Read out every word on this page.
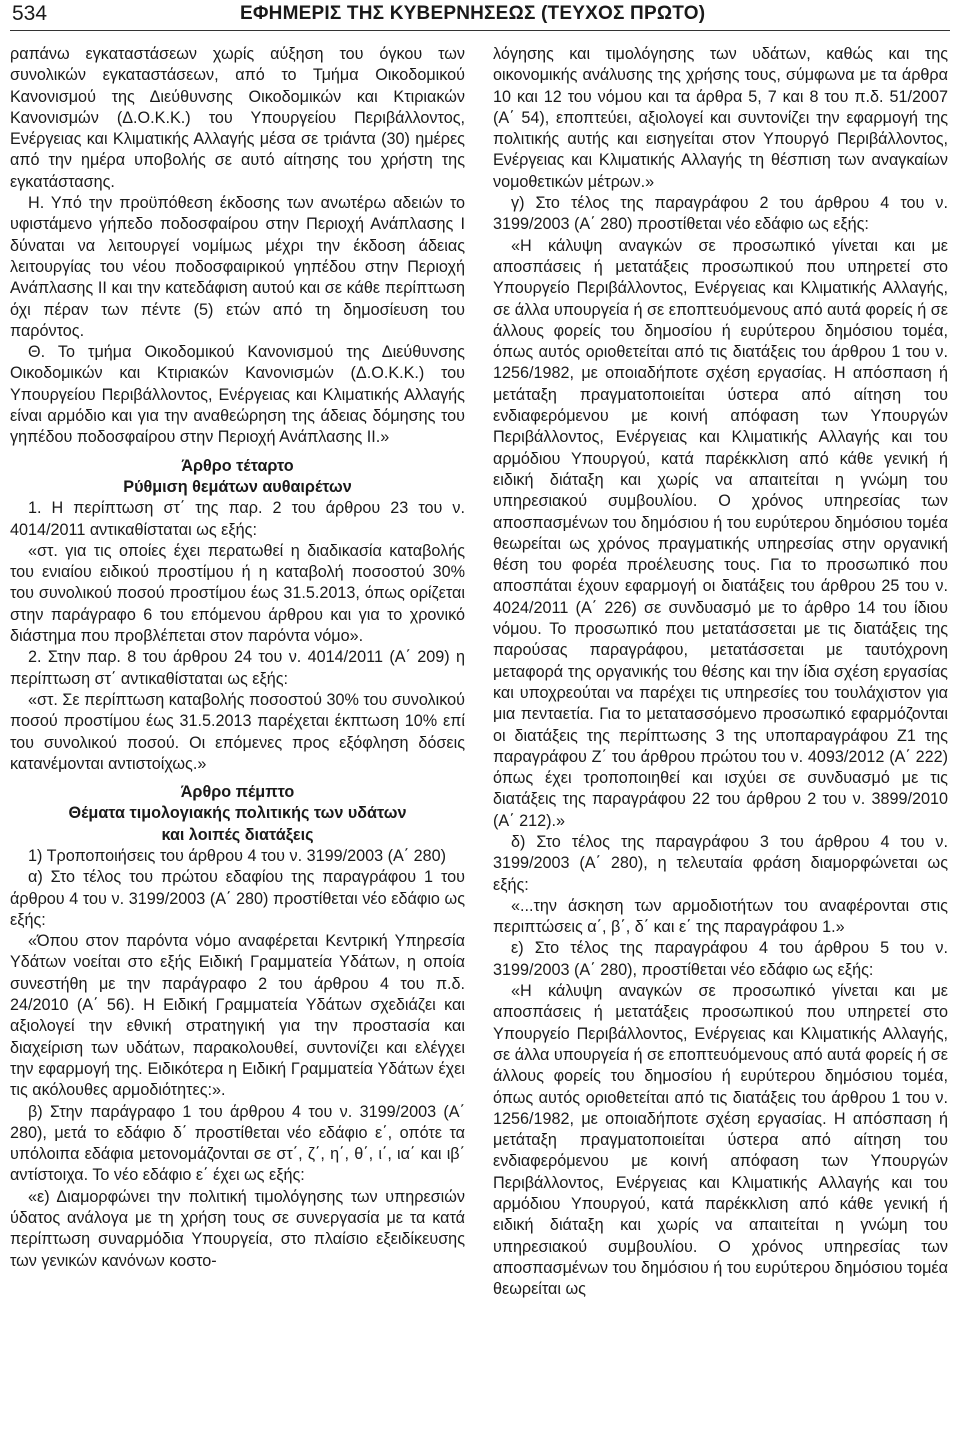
534	ΕΦΗΜΕΡΙΣ ΤΗΣ ΚΥΒΕΡΝΗΣΕΩΣ (ΤΕΥΧΟΣ ΠΡΩΤΟ)

ραπάνω εγκαταστάσεων χωρίς αύξηση του όγκου των συνολικών εγκαταστάσεων, από το Τμήμα Οικοδομικού Κανονισμού της Διεύθυνσης Οικοδομικών και Κτιριακών Κανονισμών (Δ.Ο.Κ.Κ.) του Υπουργείου Περιβάλλοντος, Ενέργειας και Κλιματικής Αλλαγής μέσα σε τριάντα (30) ημέρες από την ημέρα υποβολής σε αυτό αίτησης του χρήστη της εγκατάστασης.

Η. Υπό την προϋπόθεση έκδοσης των ανωτέρω αδειών το υφιστάμενο γήπεδο ποδοσφαίρου στην Περιοχή Ανάπλασης Ι δύναται να λειτουργεί νομίμως μέχρι την έκδοση άδειας λειτουργίας του νέου ποδοσφαιρικού γηπέδου στην Περιοχή Ανάπλασης ΙΙ και την κατεδάφιση αυτού και σε κάθε περίπτωση όχι πέραν των πέντε (5) ετών από τη δημοσίευση του παρόντος.

Θ. Το τμήμα Οικοδομικού Κανονισμού της Διεύθυνσης Οικοδομικών και Κτιριακών Κανονισμών (Δ.Ο.Κ.Κ.) του Υπουργείου Περιβάλλοντος, Ενέργειας και Κλιματικής Αλλαγής είναι αρμόδιο και για την αναθεώρηση της άδειας δόμησης του γηπέδου ποδοσφαίρου στην Περιοχή Ανάπλασης ΙΙ.»

Άρθρο τέταρτο
Ρύθμιση θεμάτων αυθαιρέτων

1. Η περίπτωση στ΄ της παρ. 2 του άρθρου 23 του ν. 4014/2011 αντικαθίσταται ως εξής:

«στ. για τις οποίες έχει περατωθεί η διαδικασία καταβολής του ενιαίου ειδικού προστίμου ή η καταβολή ποσοστού 30% του συνολικού ποσού προστίμου έως 31.5.2013, όπως ορίζεται στην παράγραφο 6 του επόμενου άρθρου και για το χρονικό διάστημα που προβλέπεται στον παρόντα νόμο».

2. Στην παρ. 8 του άρθρου 24 του ν. 4014/2011 (Α΄ 209) η περίπτωση στ΄ αντικαθίσταται ως εξής:

«στ. Σε περίπτωση καταβολής ποσοστού 30% του συνολικού ποσού προστίμου έως 31.5.2013 παρέχεται έκπτωση 10% επί του συνολικού ποσού. Οι επόμενες προς εξόφληση δόσεις κατανέμονται αντιστοίχως.»

Άρθρο πέμπτο
Θέματα τιμολογιακής πολιτικής των υδάτων
και λοιπές διατάξεις

1) Τροποποιήσεις του άρθρου 4 του ν. 3199/2003 (Α΄ 280)

α) Στο τέλος του πρώτου εδαφίου της παραγράφου 1 του άρθρου 4 του ν. 3199/2003 (Α΄ 280) προστίθεται νέο εδάφιο ως εξής:

«Όπου στον παρόντα νόμο αναφέρεται Κεντρική Υπηρεσία Υδάτων νοείται στο εξής Ειδική Γραμματεία Υδάτων, η οποία συνεστήθη με την παράγραφο 2 του άρθρου 4 του π.δ. 24/2010 (Α΄ 56). Η Ειδική Γραμματεία Υδάτων σχεδιάζει και αξιολογεί την εθνική στρατηγική για την προστασία και διαχείριση των υδάτων, παρακολουθεί, συντονίζει και ελέγχει την εφαρμογή της. Ειδικότερα η Ειδική Γραμματεία Υδάτων έχει τις ακόλουθες αρμοδιότητες:».

β) Στην παράγραφο 1 του άρθρου 4 του ν. 3199/2003 (Α΄ 280), μετά το εδάφιο δ΄ προστίθεται νέο εδάφιο ε΄, οπότε τα υπόλοιπα εδάφια μετονομάζονται σε στ΄, ζ΄, η΄, θ΄, ι΄, ια΄ και ιβ΄ αντίστοιχα. Το νέο εδάφιο ε΄ έχει ως εξής:

«ε) Διαμορφώνει την πολιτική τιμολόγησης των υπηρεσιών ύδατος ανάλογα με τη χρήση τους σε συνεργασία με τα κατά περίπτωση συναρμόδια Υπουργεία, στο πλαίσιο εξειδίκευσης των γενικών κανόνων κοστο-

λόγησης και τιμολόγησης των υδάτων, καθώς και της οικονομικής ανάλυσης της χρήσης τους, σύμφωνα με τα άρθρα 10 και 12 του νόμου και τα άρθρα 5, 7 και 8 του π.δ. 51/2007 (Α΄ 54), εποπτεύει, αξιολογεί και συντονίζει την εφαρμογή της πολιτικής αυτής και εισηγείται στον Υπουργό Περιβάλλοντος, Ενέργειας και Κλιματικής Αλλαγής τη θέσπιση των αναγκαίων νομοθετικών μέτρων.»

γ) Στο τέλος της παραγράφου 2 του άρθρου 4 του ν. 3199/2003 (Α΄ 280) προστίθεται νέο εδάφιο ως εξής:

«Η κάλυψη αναγκών σε προσωπικό γίνεται και με αποσπάσεις ή μετατάξεις προσωπικού που υπηρετεί στο Υπουργείο Περιβάλλοντος, Ενέργειας και Κλιματικής Αλλαγής, σε άλλα υπουργεία ή σε εποπτευόμενους από αυτά φορείς ή σε άλλους φορείς του δημοσίου ή ευρύτερου δημόσιου τομέα, όπως αυτός οριοθετείται από τις διατάξεις του άρθρου 1 του ν. 1256/1982, με οποιαδήποτε σχέση εργασίας. Η απόσπαση ή μετάταξη πραγματοποιείται ύστερα από αίτηση του ενδιαφερόμενου με κοινή απόφαση των Υπουργών Περιβάλλοντος, Ενέργειας και Κλιματικής Αλλαγής και του αρμόδιου Υπουργού, κατά παρέκκλιση από κάθε γενική ή ειδική διάταξη και χωρίς να απαιτείται η γνώμη του υπηρεσιακού συμβουλίου. Ο χρόνος υπηρεσίας των αποσπασμένων του δημόσιου ή του ευρύτερου δημόσιου τομέα θεωρείται ως χρόνος πραγματικής υπηρεσίας στην οργανική θέση του φορέα προέλευσης τους. Για το προσωπικό που αποσπάται έχουν εφαρμογή οι διατάξεις του άρθρου 25 του ν. 4024/2011 (Α΄ 226) σε συνδυασμό με το άρθρο 14 του ίδιου νόμου. Το προσωπικό που μετατάσσεται με τις διατάξεις της παρούσας παραγράφου, μετατάσσεται με ταυτόχρονη μεταφορά της οργανικής του θέσης και την ίδια σχέση εργασίας και υποχρεούται να παρέχει τις υπηρεσίες του τουλάχιστον για μια πενταετία. Για το μετατασσόμενο προσωπικό εφαρμόζονται οι διατάξεις της περίπτωσης 3 της υποπαραγράφου Ζ1 της παραγράφου Ζ΄ του άρθρου πρώτου του ν. 4093/2012 (Α΄ 222) όπως έχει τροποποιηθεί και ισχύει σε συνδυασμό με τις διατάξεις της παραγράφου 22 του άρθρου 2 του ν. 3899/2010 (Α΄ 212).»

δ) Στο τέλος της παραγράφου 3 του άρθρου 4 του ν. 3199/2003 (Α΄ 280), η τελευταία φράση διαμορφώνεται ως εξής:

«...την άσκηση των αρμοδιοτήτων του αναφέρονται στις περιπτώσεις α΄, β΄, δ΄ και ε΄ της παραγράφου 1.»

ε) Στο τέλος της παραγράφου 4 του άρθρου 5 του ν. 3199/2003 (Α΄ 280), προστίθεται νέο εδάφιο ως εξής:

«Η κάλυψη αναγκών σε προσωπικό γίνεται και με αποσπάσεις ή μετατάξεις προσωπικού που υπηρετεί στο Υπουργείο Περιβάλλοντος, Ενέργειας και Κλιματικής Αλλαγής, σε άλλα υπουργεία ή σε εποπτευόμενους από αυτά φορείς ή σε άλλους φορείς του δημοσίου ή ευρύτερου δημόσιου τομέα, όπως αυτός οριοθετείται από τις διατάξεις του άρθρου 1 του ν. 1256/1982, με οποιαδήποτε σχέση εργασίας. Η απόσπαση ή μετάταξη πραγματοποιείται ύστερα από αίτηση του ενδιαφερόμενου με κοινή απόφαση των Υπουργών Περιβάλλοντος, Ενέργειας και Κλιματικής Αλλαγής και του αρμόδιου Υπουργού, κατά παρέκκλιση από κάθε γενική ή ειδική διάταξη και χωρίς να απαιτείται η γνώμη του υπηρεσιακού συμβουλίου. Ο χρόνος υπηρεσίας των αποσπασμένων του δημόσιου ή του ευρύτερου δημόσιου τομέα θεωρείται ως
